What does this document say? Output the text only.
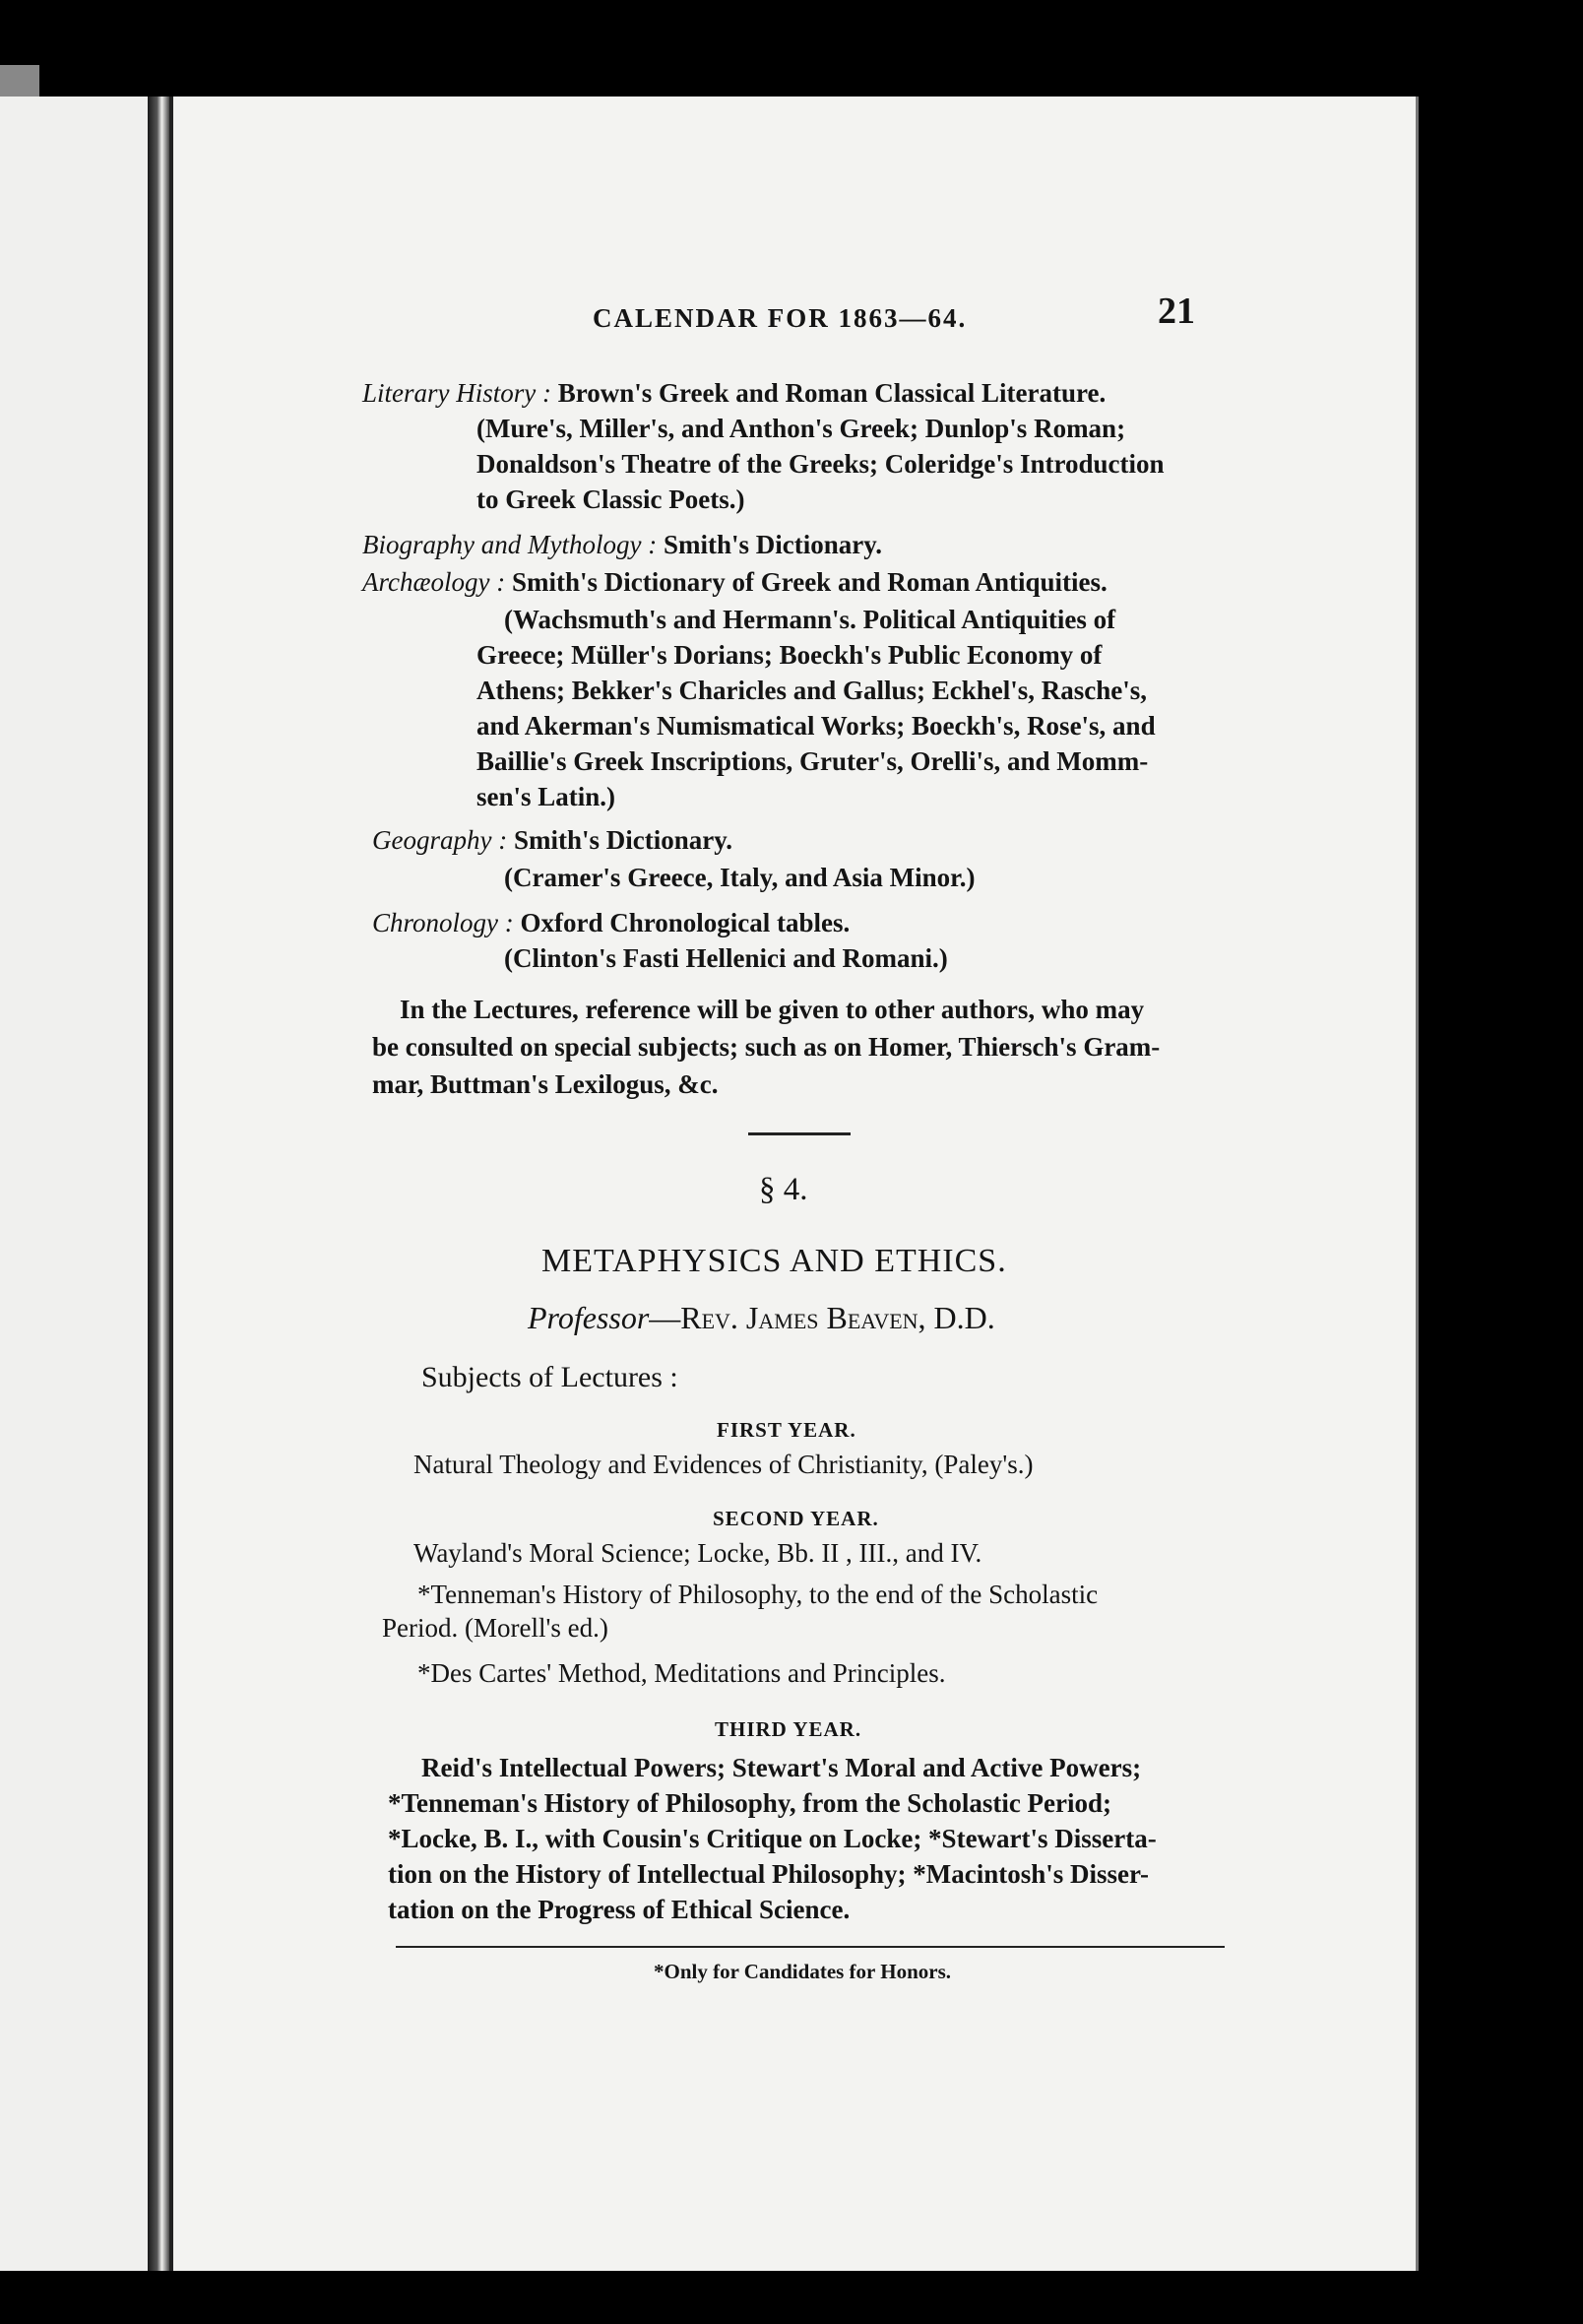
CALENDAR FOR 1863—64.	21
Literary History : Brown's Greek and Roman Classical Literature.
(Mure's, Miller's, and Anthon's Greek; Dunlop's Roman;
Donaldson's Theatre of the Greeks; Coleridge's Introduction
to Greek Classic Poets.)
Biography and Mythology : Smith's Dictionary.
Archæology : Smith's Dictionary of Greek and Roman Antiquities.
(Wachsmuth's and Hermann's. Political Antiquities of
Greece; Müller's Dorians; Boeckh's Public Economy of
Athens; Bekker's Charicles and Gallus; Eckhel's, Rasche's,
and Akerman's Numismatical Works; Boeckh's, Rose's, and
Baillie's Greek Inscriptions, Gruter's, Orelli's, and Momm-
sen's Latin.)
Geography : Smith's Dictionary.
(Cramer's Greece, Italy, and Asia Minor.)
Chronology : Oxford Chronological tables.
(Clinton's Fasti Hellenici and Romani.)
In the Lectures, reference will be given to other authors, who may
be consulted on special subjects; such as on Homer, Thiersch's Gram-
mar, Buttman's Lexilogus, &c.
§ 4.
METAPHYSICS AND ETHICS.
Professor—Rev. James Beaven, D.D.
Subjects of Lectures :
FIRST YEAR.
Natural Theology and Evidences of Christianity, (Paley's.)
SECOND YEAR.
Wayland's Moral Science; Locke, Bb. II , III., and IV.
*Tenneman's History of Philosophy, to the end of the Scholastic
Period. (Morell's ed.)
*Des Cartes' Method, Meditations and Principles.
THIRD YEAR.
Reid's Intellectual Powers; Stewart's Moral and Active Powers;
*Tenneman's History of Philosophy, from the Scholastic Period;
*Locke, B. I., with Cousin's Critique on Locke; *Stewart's Disserta-
tion on the History of Intellectual Philosophy; *Macintosh's Disser-
tation on the Progress of Ethical Science.
*Only for Candidates for Honors.
